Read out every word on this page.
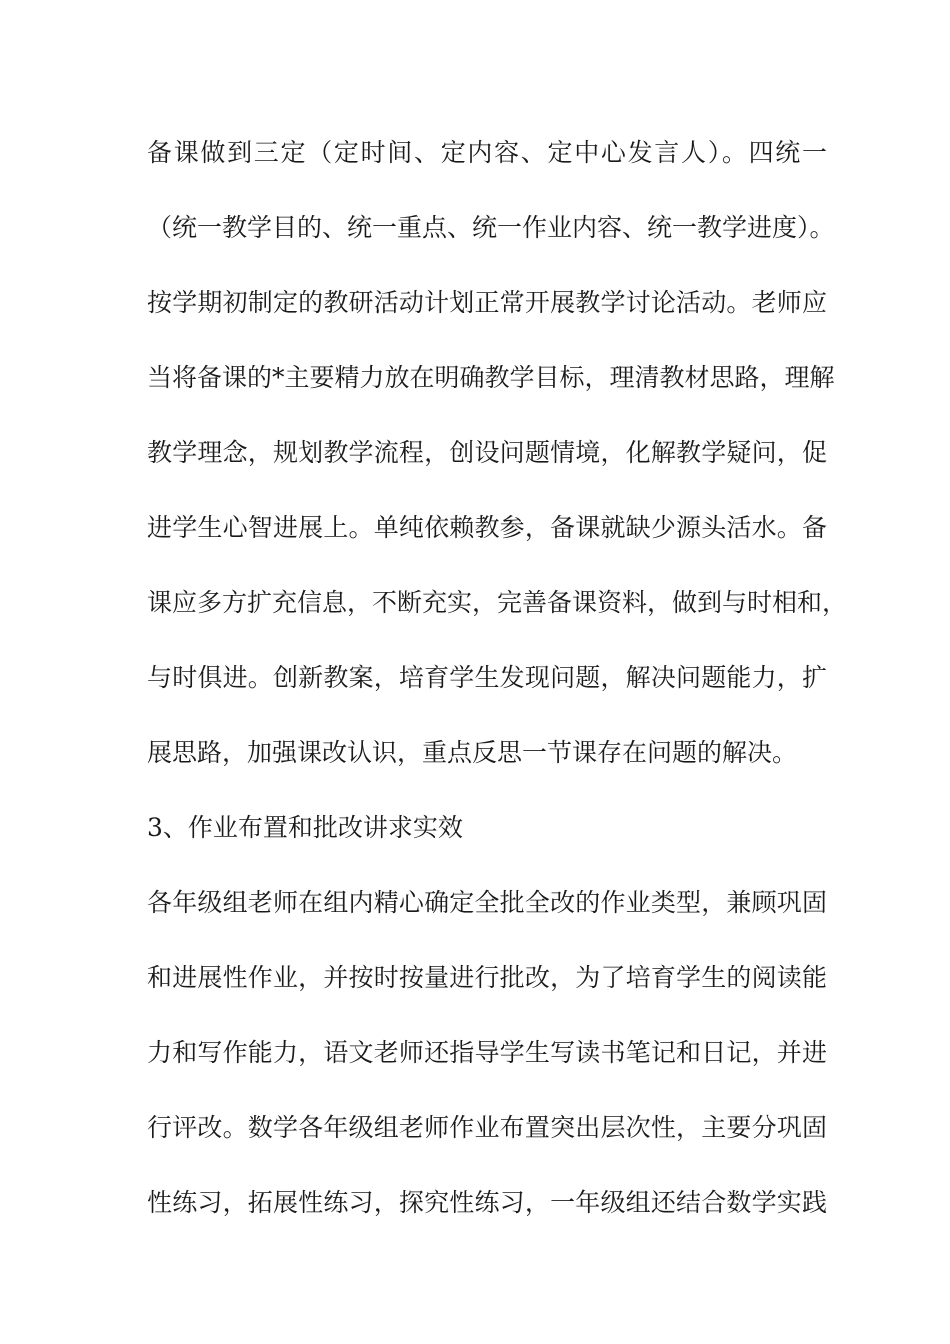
备课做到三定（定时间、定内容、定中心发言人）。四统一
（统一教学目的、统一重点、统一作业内容、统一教学进度）。
按学期初制定的教研活动计划正常开展教学讨论活动。老师应
当将备课的*主要精力放在明确教学目标，理清教材思路，理解
教学理念，规划教学流程，创设问题情境，化解教学疑问，促
进学生心智进展上。单纯依赖教参，备课就缺少源头活水。备
课应多方扩充信息，不断充实，完善备课资料，做到与时相和，
与时俱进。创新教案，培育学生发现问题，解决问题能力，扩
展思路，加强课改认识，重点反思一节课存在问题的解决。
3、作业布置和批改讲求实效
各年级组老师在组内精心确定全批全改的作业类型，兼顾巩固
和进展性作业，并按时按量进行批改，为了培育学生的阅读能
力和写作能力，语文老师还指导学生写读书笔记和日记，并进
行评改。数学各年级组老师作业布置突出层次性，主要分巩固
性练习，拓展性练习，探究性练习，一年级组还结合数学实践
